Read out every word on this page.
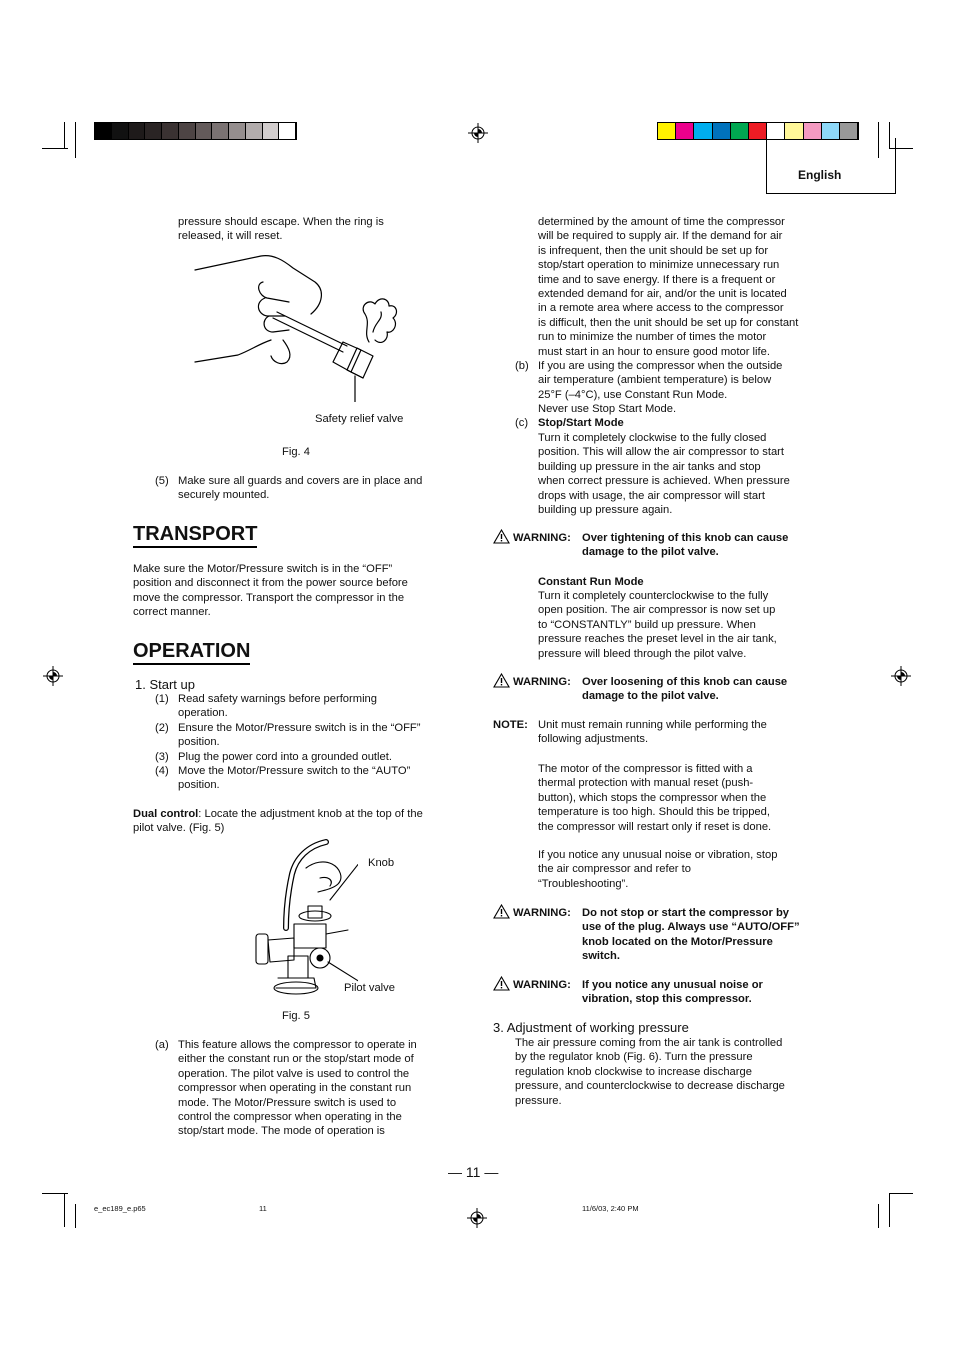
English
pressure should escape. When the ring is
released, it will reset.
Safety relief valve
Fig. 4
(5) Make sure all guards and covers are in place and
securely mounted.
TRANSPORT
Make sure the Motor/Pressure switch is in the “OFF”
position and disconnect it from the power source before
move the compressor. Transport the compressor in the
correct manner.
OPERATION
1. Start up
(1) Read safety warnings before performing
operation.
(2) Ensure the Motor/Pressure switch is in the “OFF”
position.
(3) Plug the power cord into a grounded outlet.
(4) Move the Motor/Pressure switch to the “AUTO”
position.
Dual control: Locate the adjustment knob at the top of the
pilot valve. (Fig. 5)
Knob
Pilot valve
Fig. 5
(a) This feature allows the compressor to operate in
either the constant run or the stop/start mode of
operation. The pilot valve is used to control the
compressor when operating in the constant run
mode. The Motor/Pressure switch is used to
control the compressor when operating in the
stop/start mode. The mode of operation is
determined by the amount of time the compressor
will be required to supply air. If the demand for air
is infrequent, then the unit should be set up for
stop/start operation to minimize unnecessary run
time and to save energy. If there is a frequent or
extended demand for air, and/or the unit is located
in a remote area where access to the compressor
is difficult, then the unit should be set up for constant
run to minimize the number of times the motor
must start in an hour to ensure good motor life.
(b) If you are using the compressor when the outside
air temperature (ambient temperature) is below
25°F (–4°C), use Constant Run Mode.
Never use Stop Start Mode.
(c) Stop/Start Mode
Turn it completely clockwise to the fully closed
position. This will allow the air compressor to start
building up pressure in the air tanks and stop
when correct pressure is achieved. When pressure
drops with usage, the air compressor will start
building up pressure again.
WARNING: Over tightening of this knob can cause
damage to the pilot valve.
Constant Run Mode
Turn it completely counterclockwise to the fully
open position. The air compressor is now set up
to “CONSTANTLY” build up pressure. When
pressure reaches the preset level in the air tank,
pressure will bleed through the pilot valve.
WARNING: Over loosening of this knob can cause
damage to the pilot valve.
NOTE: Unit must remain running while performing the
following adjustments.
The motor of the compressor is fitted with a
thermal protection with manual reset (push-
button), which stops the compressor when the
temperature is too high. Should this be tripped,
the compressor will restart only if reset is done.
If you notice any unusual noise or vibration, stop
the air compressor and refer to
“Troubleshooting”.
WARNING: Do not stop or start the compressor by
use of the plug. Always use “AUTO/OFF”
knob located on the Motor/Pressure
switch.
WARNING: If you notice any unusual noise or
vibration, stop this compressor.
3. Adjustment of working pressure
The air pressure coming from the air tank is controlled
by the regulator knob (Fig. 6). Turn the pressure
regulation knob clockwise to increase discharge
pressure, and counterclockwise to decrease discharge
pressure.
— 11 —
e_ec189_e.p65	11	11/6/03, 2:40 PM
